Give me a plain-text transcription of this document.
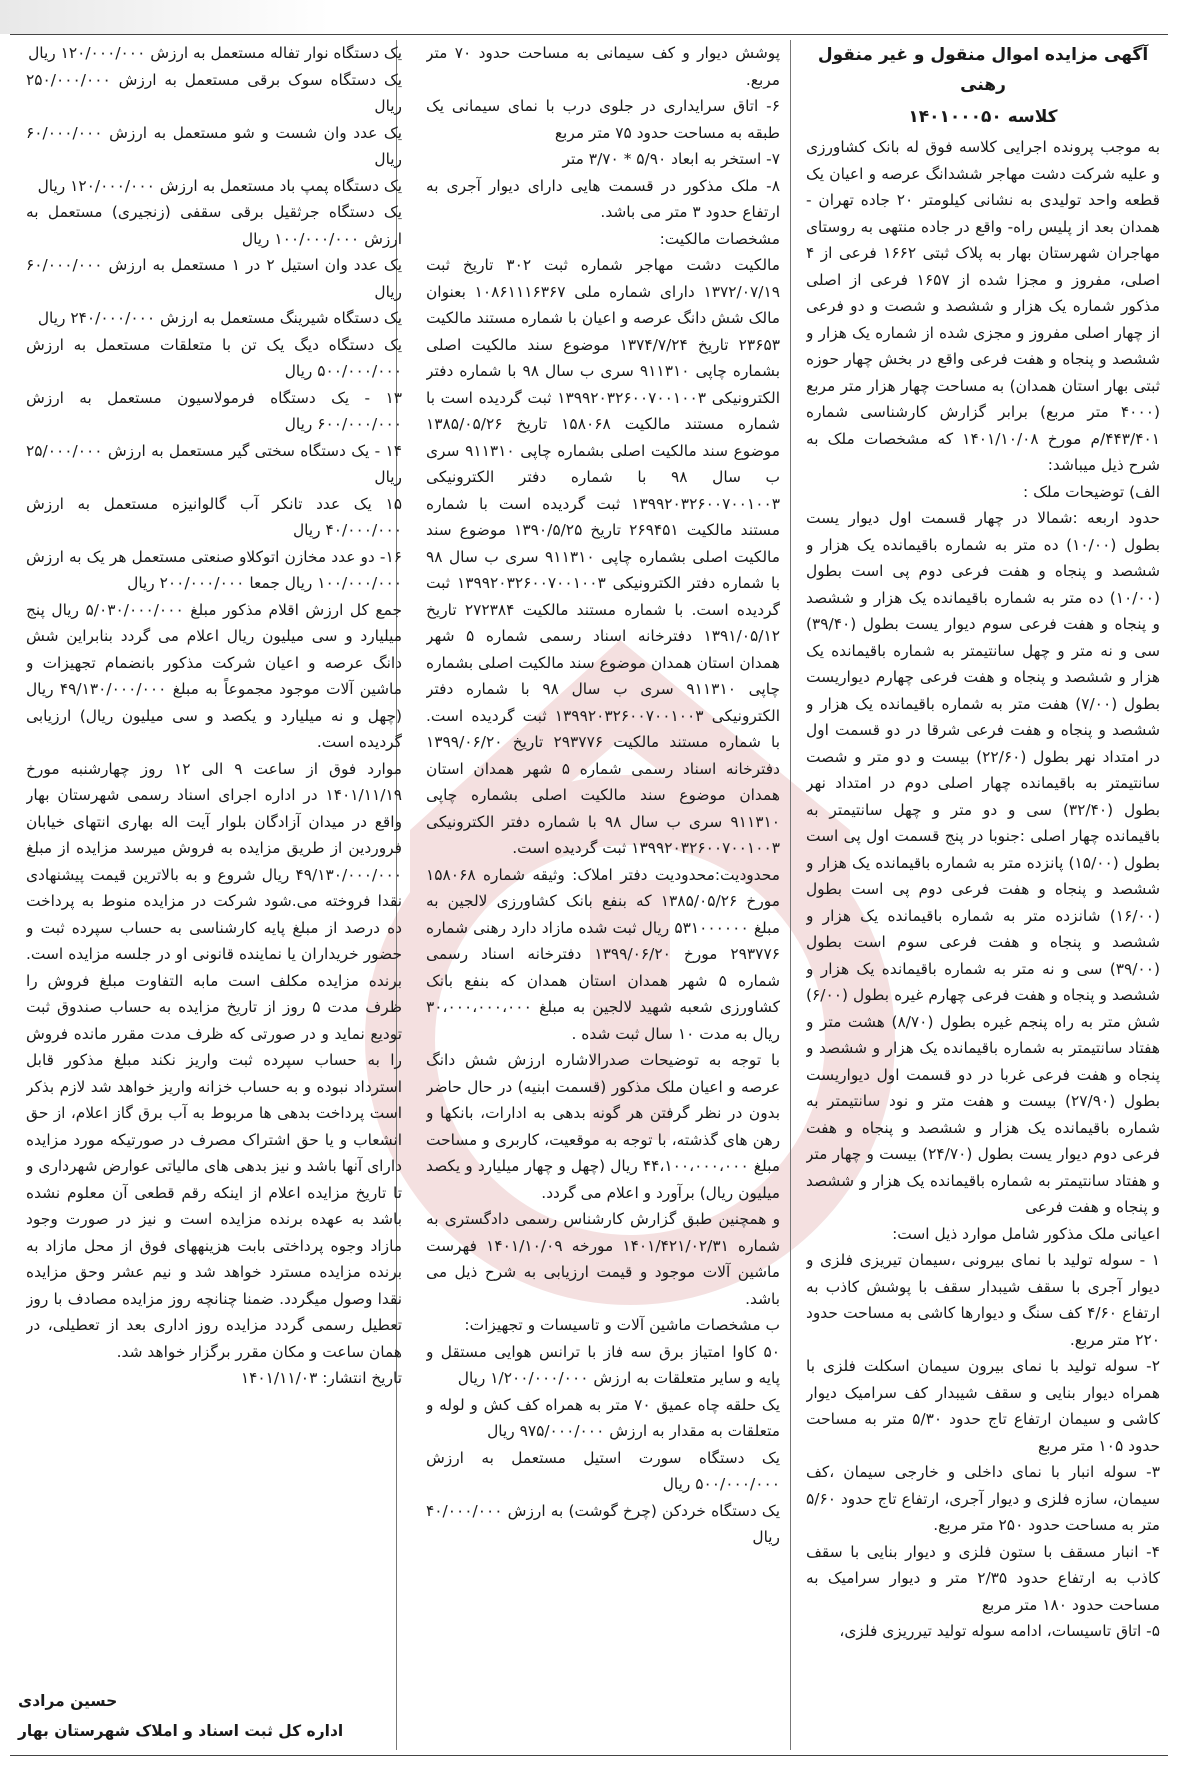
آگهی مزایده اموال منقول و غیر منقول رهنی
کلاسه ۱۴۰۱۰۰۰۵۰

به موجب پرونده اجرایی کلاسه فوق له بانک کشاورزی و علیه شرکت دشت مهاجر ششدانگ عرصه و اعیان یک قطعه واحد تولیدی به نشانی کیلومتر ۲۰ جاده تهران - همدان بعد از پلیس راه- واقع در جاده منتهی به روستای مهاجران شهرستان بهار به پلاک ثبتی ۱۶۶۲ فرعی از ۴ اصلی، مفروز و مجزا شده از ۱۶۵۷ فرعی از اصلی مذکور شماره یک هزار و ششصد و شصت و دو فرعی از چهار اصلی مفروز و مجزی شده از شماره یک هزار و ششصد و پنجاه و هفت فرعی واقع در بخش چهار حوزه ثبتی بهار استان همدان) به مساحت چهار هزار متر مربع (۴۰۰۰ متر مربع) برابر گزارش کارشناسی شماره ۴۴۳/۴۰۱/م مورخ ۱۴۰۱/۱۰/۰۸ که مشخصات ملک به شرح ذیل میباشد:

الف) توضیحات ملک :

حدود اربعه :شمالا در چهار قسمت اول دیوار یست بطول (۱۰/۰۰) ده متر به شماره باقیمانده یک هزار و ششصد و پنجاه و هفت فرعی دوم پی است بطول (۱۰/۰۰) ده متر به شماره باقیمانده یک هزار و ششصد و پنجاه و هفت فرعی سوم دیوار یست بطول (۳۹/۴۰) سی و نه متر و چهل سانتیمتر به شماره باقیمانده یک هزار و ششصد و پنجاه و هفت فرعی چهارم دیواریست بطول (۷/۰۰) هفت متر به شماره باقیمانده یک هزار و ششصد و پنجاه و هفت فرعی شرقا در دو قسمت اول در امتداد نهر بطول (۲۲/۶۰) بیست و دو متر و شصت سانتیمتر به باقیمانده چهار اصلی دوم در امتداد نهر بطول (۳۲/۴۰) سی و دو متر و چهل سانتیمتر به باقیمانده چهار اصلی :جنوبا در پنج قسمت اول پی است بطول (۱۵/۰۰) پانزده متر به شماره باقیمانده یک هزار و ششصد و پنجاه و هفت فرعی دوم پی است بطول (۱۶/۰۰) شانزده متر به شماره باقیمانده یک هزار و ششصد و پنجاه و هفت فرعی سوم است بطول (۳۹/۰۰) سی و نه متر به شماره باقیمانده یک هزار و ششصد و پنجاه و هفت فرعی چهارم غیره بطول (۶/۰۰) شش متر به راه پنجم غیره بطول (۸/۷۰) هشت متر و هفتاد سانتیمتر به شماره باقیمانده یک هزار و ششصد و پنجاه و هفت فرعی غربا در دو قسمت اول دیواریست بطول (۲۷/۹۰) بیست و هفت متر و نود سانتیمتر به شماره باقیمانده یک هزار و ششصد و پنجاه و هفت فرعی دوم دیوار یست بطول (۲۴/۷۰) بیست و چهار متر و هفتاد سانتیمتر به شماره باقیمانده یک هزار و ششصد و پنجاه و هفت فرعی

اعیانی ملک مذکور شامل موارد ذیل است:

۱ - سوله تولید با نمای بیرونی ،سیمان تیریزی فلزی و دیوار آجری با سقف شیبدار سقف با پوشش کاذب به ارتفاع ۴/۶۰ کف سنگ و دیوارها کاشی به مساحت حدود ۲۲۰ متر مربع.

۲- سوله تولید با نمای بیرون سیمان اسکلت فلزی با همراه دیوار بنایی و سقف شیبدار کف سرامیک دیوار کاشی و سیمان ارتفاع تاج حدود ۵/۳۰ متر به مساحت حدود ۱۰۵ متر مربع

۳- سوله انبار با نمای داخلی و خارجی سیمان ،کف سیمان، سازه فلزی و دیوار آجری، ارتفاع تاج حدود ۵/۶۰ متر به مساحت حدود ۲۵۰ متر مربع.

۴- انبار مسقف با ستون فلزی و دیوار بنایی با سقف کاذب به ارتفاع حدود ۲/۳۵ متر و دیوار سرامیک به مساحت حدود ۱۸۰ متر مربع

۵- اتاق تاسیسات، ادامه سوله تولید تیرریزی فلزی،

پوشش دیوار و کف سیمانی به مساحت حدود ۷۰ متر مربع.

۶- اتاق سرایداری در جلوی درب با نمای سیمانی یک طبقه به مساحت حدود ۷۵ متر مربع

۷- استخر به ابعاد ۵/۹۰ * ۳/۷۰ متر

۸- ملک مذکور در قسمت هایی دارای دیوار آجری به ارتفاع حدود ۳ متر می باشد.

مشخصات مالکیت:

مالکیت دشت مهاجر شماره ثبت ۳۰۲ تاریخ ثبت ۱۳۷۲/۰۷/۱۹ دارای شماره ملی ۱۰۸۶۱۱۱۶۳۶۷ بعنوان مالک شش دانگ عرصه و اعیان با شماره مستند مالکیت ۲۳۶۵۳ تاریخ ۱۳۷۴/۷/۲۴ موضوع سند مالکیت اصلی بشماره چاپی ۹۱۱۳۱۰ سری ب سال ۹۸ با شماره دفتر الکترونیکی ۱۳۹۹۲۰۳۲۶۰۰۷۰۰۱۰۰۳ ثبت گردیده است با شماره مستند مالکیت ۱۵۸۰۶۸ تاریخ ۱۳۸۵/۰۵/۲۶ موضوع سند مالکیت اصلی بشماره چاپی ۹۱۱۳۱۰ سری ب سال ۹۸ با شماره دفتر الکترونیکی ۱۳۹۹۲۰۳۲۶۰۰۷۰۰۱۰۰۳ ثبت گردیده است با شماره مستند مالکیت ۲۶۹۴۵۱ تاریخ ۱۳۹۰/۵/۲۵ موضوع سند مالکیت اصلی بشماره چاپی ۹۱۱۳۱۰ سری ب سال ۹۸ با شماره دفتر الکترونیکی ۱۳۹۹۲۰۳۲۶۰۰۷۰۰۱۰۰۳ ثبت گردیده است. با شماره مستند مالکیت ۲۷۲۳۸۴ تاریخ ۱۳۹۱/۰۵/۱۲ دفترخانه اسناد رسمی شماره ۵ شهر همدان استان همدان موضوع سند مالکیت اصلی بشماره چاپی ۹۱۱۳۱۰ سری ب سال ۹۸ با شماره دفتر الکترونیکی ۱۳۹۹۲۰۳۲۶۰۰۷۰۰۱۰۰۳ ثبت گردیده است. با شماره مستند مالکیت ۲۹۳۷۷۶ تاریخ ۱۳۹۹/۰۶/۲۰ دفترخانه اسناد رسمی شماره ۵ شهر همدان استان همدان موضوع سند مالکیت اصلی بشماره چاپی ۹۱۱۳۱۰ سری ب سال ۹۸ با شماره دفتر الکترونیکی ۱۳۹۹۲۰۳۲۶۰۰۷۰۰۱۰۰۳ ثبت گردیده است.

محدودیت:محدودیت دفتر املاک: وثیقه شماره ۱۵۸۰۶۸ مورخ ۱۳۸۵/۰۵/۲۶ که بنفع بانک کشاورزی لالجین به مبلغ ۵۳۱۰۰۰۰۰۰ ریال ثبت شده مازاد دارد رهنی شماره ۲۹۳۷۷۶ مورخ ۱۳۹۹/۰۶/۲۰ دفترخانه اسناد رسمی شماره ۵ شهر همدان استان همدان که بنفع بانک کشاورزی شعبه شهید لالجین به مبلغ ۳۰،۰۰۰،۰۰۰،۰۰۰ ریال به مدت ۱۰ سال ثبت شده .

با توجه به توضیحات صدرالاشاره ارزش شش دانگ عرصه و اعیان ملک مذکور (قسمت ابنیه) در حال حاضر بدون در نظر گرفتن هر گونه بدهی به ادارات، بانکها و رهن های گذشته، با توجه به موقعیت، کاربری و مساحت مبلغ ۴۴،۱۰۰،۰۰۰،۰۰۰ ریال (چهل و چهار میلیارد و یکصد میلیون ریال) برآورد و اعلام می گردد.

و همچنین طبق گزارش کارشناس رسمی دادگستری به شماره ۱۴۰۱/۴۲۱/۰۲/۳۱ مورخه ۱۴۰۱/۱۰/۰۹ فهرست ماشین آلات موجود و قیمت ارزیابی به شرح ذیل می باشد.

ب مشخصات ماشین آلات و تاسیسات و تجهیزات:

۵۰ کاوا امتیاز برق سه فاز با ترانس هوایی مستقل و پایه و سایر متعلقات به ارزش ۱/۲۰۰/۰۰۰/۰۰۰ ریال

یک حلقه چاه عمیق ۷۰ متر به همراه کف کش و لوله و متعلقات به مقدار به ارزش ۹۷۵/۰۰۰/۰۰۰ ریال

یک دستگاه سورت استیل مستعمل به ارزش ۵۰۰/۰۰۰/۰۰۰ ریال

یک دستگاه خردکن (چرخ گوشت) به ارزش ۴۰/۰۰۰/۰۰۰ ریال

یک دستگاه نوار تفاله مستعمل به ارزش ۱۲۰/۰۰۰/۰۰۰ ریال

یک دستگاه سوک برقی مستعمل به ارزش ۲۵۰/۰۰۰/۰۰۰ ریال

یک عدد وان شست و شو مستعمل به ارزش ۶۰/۰۰۰/۰۰۰ ریال

یک دستگاه پمپ باد مستعمل به ارزش ۱۲۰/۰۰۰/۰۰۰ ریال

یک دستگاه جرثقیل برقی سقفی (زنجیری) مستعمل به ارزش ۱۰۰/۰۰۰/۰۰۰ ریال

یک عدد وان استیل ۲ در ۱ مستعمل به ارزش ۶۰/۰۰۰/۰۰۰ ریال

یک دستگاه شیرینگ مستعمل به ارزش ۲۴۰/۰۰۰/۰۰۰ ریال

یک دستگاه دیگ یک تن با متعلقات مستعمل به ارزش ۵۰۰/۰۰۰/۰۰۰ ریال

۱۳ - یک دستگاه فرمولاسیون مستعمل به ارزش ۶۰۰/۰۰۰/۰۰۰ ریال

۱۴ - یک دستگاه سختی گیر مستعمل به ارزش ۲۵/۰۰۰/۰۰۰ ریال

۱۵ یک عدد تانکر آب گالوانیزه مستعمل به ارزش ۴۰/۰۰۰/۰۰۰ ریال

۱۶- دو عدد مخازن اتوکلاو صنعتی مستعمل هر یک به ارزش ۱۰۰/۰۰۰/۰۰۰ ریال جمعا ۲۰۰/۰۰۰/۰۰۰ ریال

جمع کل ارزش اقلام مذکور مبلغ ۵/۰۳۰/۰۰۰/۰۰۰ ریال پنج میلیارد و سی میلیون ریال اعلام می گردد بنابراین شش دانگ عرصه و اعیان شرکت مذکور بانضمام تجهیزات و ماشین آلات موجود مجموعاً به مبلغ ۴۹/۱۳۰/۰۰۰/۰۰۰ ریال (چهل و نه میلیارد و یکصد و سی میلیون ریال) ارزیابی گردیده است.

موارد فوق از ساعت ۹ الی ۱۲ روز چهارشنبه مورخ ۱۴۰۱/۱۱/۱۹ در اداره اجرای اسناد رسمی شهرستان بهار واقع در میدان آزادگان بلوار آیت اله بهاری انتهای خیابان فروردین از طریق مزایده به فروش میرسد مزایده از مبلغ ۴۹/۱۳۰/۰۰۰/۰۰۰ ریال شروع و به بالاترین قیمت پیشنهادی نقدا فروخته می.شود شرکت در مزایده منوط به پرداخت ده درصد از مبلغ پایه کارشناسی به حساب سپرده ثبت و حضور خریداران یا نماینده قانونی او در جلسه مزایده است. برنده مزایده مکلف است مابه التفاوت مبلغ فروش را ظرف مدت ۵ روز از تاریخ مزایده به حساب صندوق ثبت تودیع نماید و در صورتی که ظرف مدت مقرر مانده فروش را به حساب سپرده ثبت واریز نکند مبلغ مذکور قابل استرداد نبوده و به حساب خزانه واریز خواهد شد لازم بذکر است پرداخت بدهی ها مربوط به آب برق گاز اعلام، از حق انشعاب و یا حق اشتراک مصرف در صورتیکه مورد مزایده دارای آنها باشد و نیز بدهی های مالیاتی عوارض شهرداری و تا تاریخ مزایده اعلام از اینکه رقم قطعی آن معلوم نشده باشد به عهده برنده مزایده است و نیز در صورت وجود مازاد وجوه پرداختی بابت هزینههای فوق از محل مازاد به برنده مزایده مسترد خواهد شد و نیم عشر وحق مزایده نقدا وصول میگردد. ضمنا چنانچه روز مزایده مصادف با روز تعطیل رسمی گردد مزایده روز اداری بعد از تعطیلی، در همان ساعت و مکان مقرر برگزار خواهد شد.

تاریخ انتشار: ۱۴۰۱/۱۱/۰۳

حسین مرادی
اداره کل ثبت اسناد و املاک شهرستان بهار
